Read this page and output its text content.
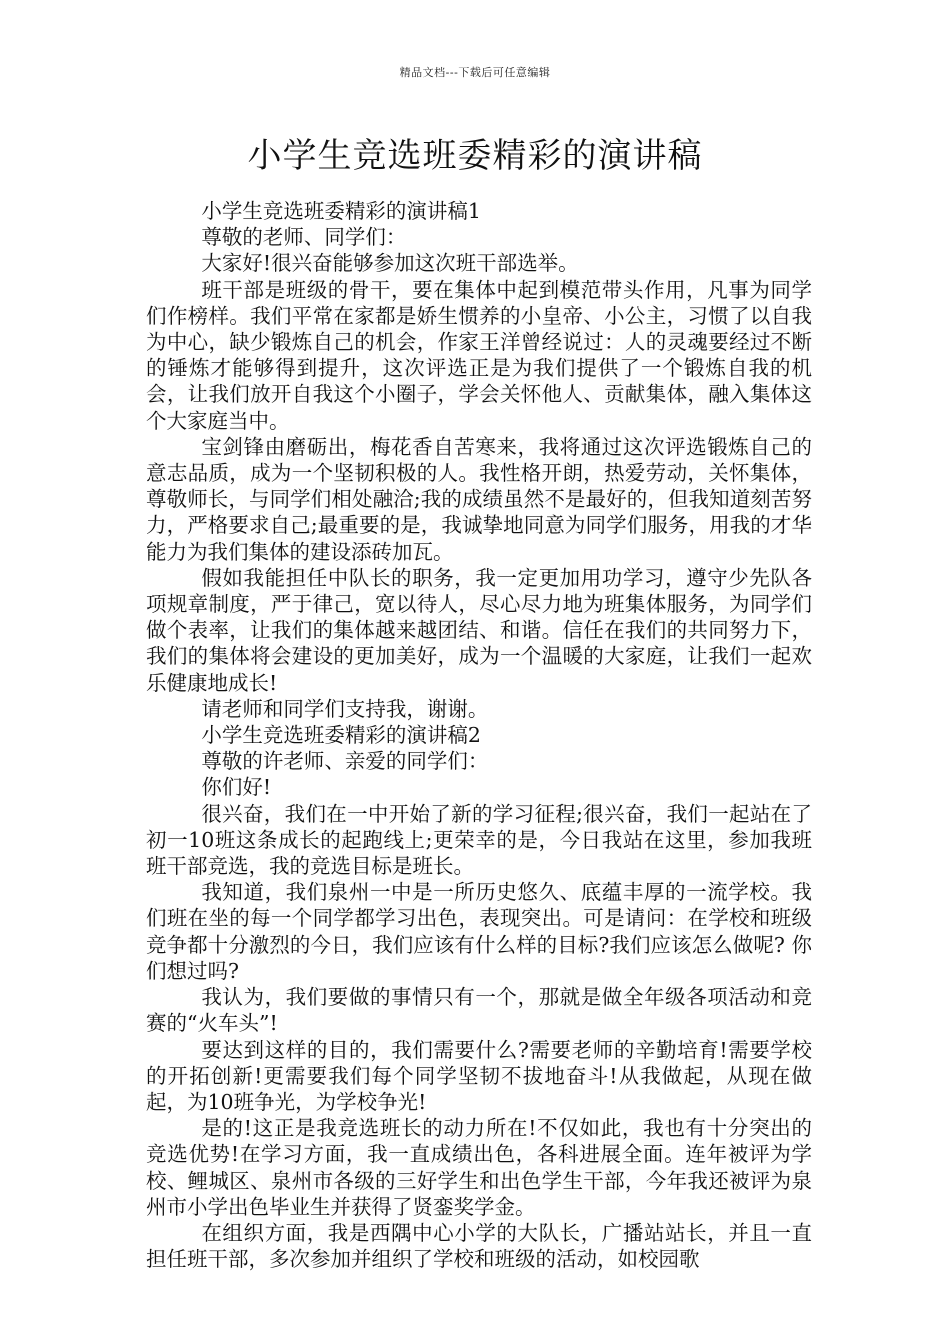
精品文档---下载后可任意编辑
小学生竞选班委精彩的演讲稿

小学生竞选班委精彩的演讲稿1

尊敬的老师、同学们：

大家好!很兴奋能够参加这次班干部选举。

班干部是班级的骨干，要在集体中起到模范带头作用，凡事为同学们作榜样。我们平常在家都是娇生惯养的小皇帝、小公主，习惯了以自我为中心，缺少锻炼自己的机会，作家王洋曾经说过：人的灵魂要经过不断的锤炼才能够得到提升，这次评选正是为我们提供了一个锻炼自我的机会，让我们放开自我这个小圈子，学会关怀他人、贡献集体，融入集体这个大家庭当中。

宝剑锋由磨砺出，梅花香自苦寒来，我将通过这次评选锻炼自己的意志品质，成为一个坚韧积极的人。我性格开朗，热爱劳动，关怀集体，尊敬师长，与同学们相处融洽;我的成绩虽然不是最好的，但我知道刻苦努力，严格要求自己;最重要的是，我诚挚地同意为同学们服务，用我的才华能力为我们集体的建设添砖加瓦。

假如我能担任中队长的职务，我一定更加用功学习，遵守少先队各项规章制度，严于律己，宽以待人，尽心尽力地为班集体服务，为同学们做个表率，让我们的集体越来越团结、和谐。信任在我们的共同努力下，我们的集体将会建设的更加美好，成为一个温暖的大家庭，让我们一起欢乐健康地成长!

请老师和同学们支持我，谢谢。

小学生竞选班委精彩的演讲稿2

尊敬的许老师、亲爱的同学们：

你们好!

很兴奋，我们在一中开始了新的学习征程;很兴奋，我们一起站在了初一10班这条成长的起跑线上;更荣幸的是，今日我站在这里，参加我班班干部竞选，我的竞选目标是班长。

我知道，我们泉州一中是一所历史悠久、底蕴丰厚的一流学校。我们班在坐的每一个同学都学习出色，表现突出。可是请问：在学校和班级竞争都十分激烈的今日，我们应该有什么样的目标?我们应该怎么做呢? 你们想过吗?

我认为，我们要做的事情只有一个，那就是做全年级各项活动和竞赛的“火车头”!

要达到这样的目的，我们需要什么?需要老师的辛勤培育!需要学校的开拓创新!更需要我们每个同学坚韧不拔地奋斗!从我做起，从现在做起，为10班争光，为学校争光!

是的!这正是我竞选班长的动力所在!不仅如此，我也有十分突出的竞选优势!在学习方面，我一直成绩出色，各科进展全面。连年被评为学校、鲤城区、泉州市各级的三好学生和出色学生干部，今年我还被评为泉州市小学出色毕业生并获得了贤銮奖学金。

在组织方面，我是西隅中心小学的大队长，广播站站长，并且一直担任班干部，多次参加并组织了学校和班级的活动，如校园歌
